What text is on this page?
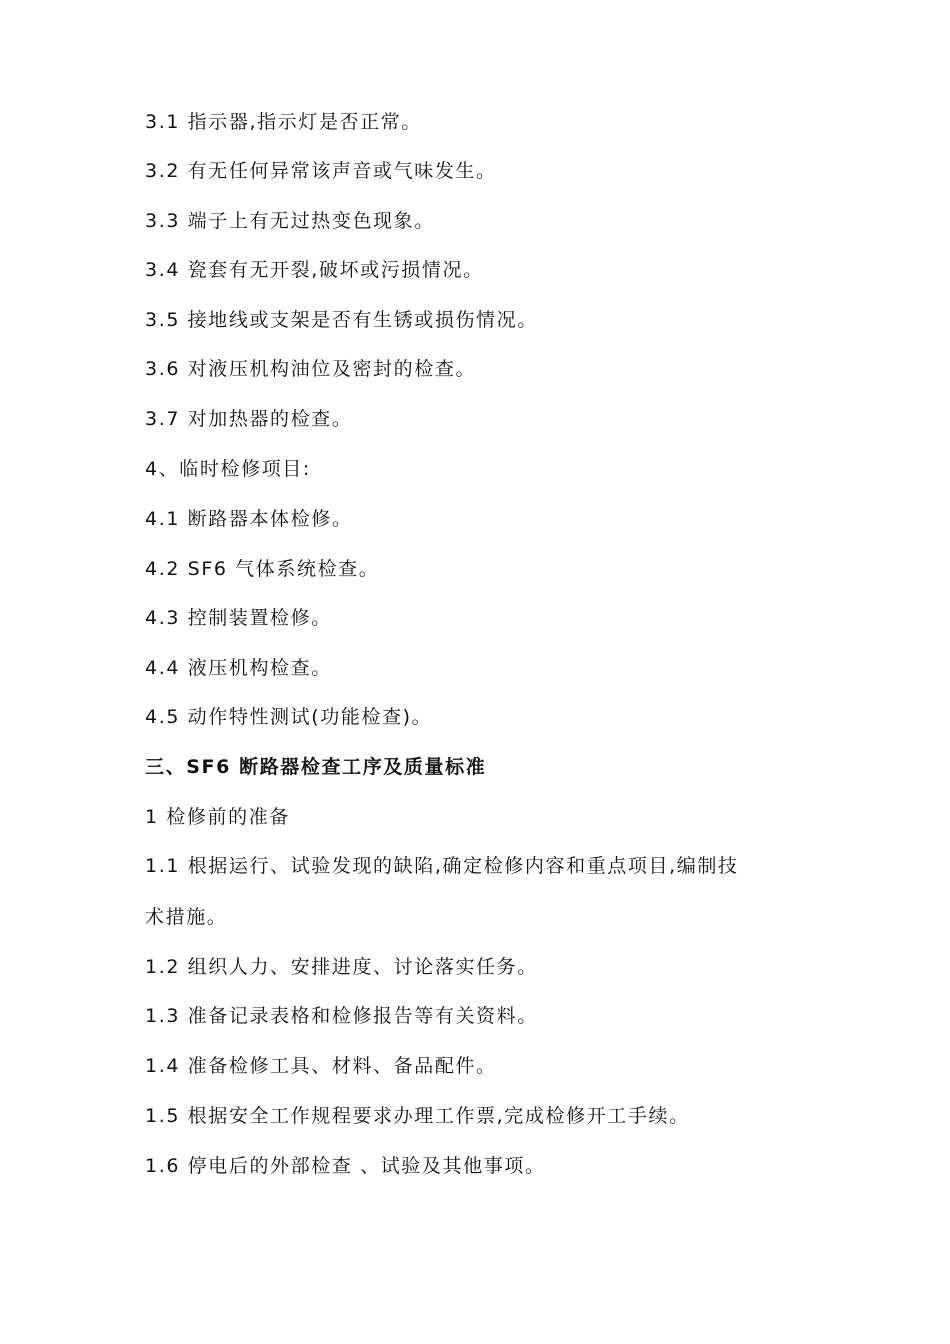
3.1 指示器,指示灯是否正常。
3.2 有无任何异常该声音或气味发生。
3.3 端子上有无过热变色现象。
3.4 瓷套有无开裂,破坏或污损情况。
3.5 接地线或支架是否有生锈或损伤情况。
3.6 对液压机构油位及密封的检查。
3.7 对加热器的检查。
4、临时检修项目:
4.1 断路器本体检修。
4.2 SF6 气体系统检查。
4.3 控制装置检修。
4.4 液压机构检查。
4.5 动作特性测试(功能检查)。
三、SF6 断路器检查工序及质量标准
1 检修前的准备
1.1 根据运行、试验发现的缺陷,确定检修内容和重点项目,编制技
术措施。
1.2 组织人力、安排进度、讨论落实任务。
1.3 准备记录表格和检修报告等有关资料。
1.4 准备检修工具、材料、备品配件。
1.5 根据安全工作规程要求办理工作票,完成检修开工手续。
1.6 停电后的外部检查 、试验及其他事项。
